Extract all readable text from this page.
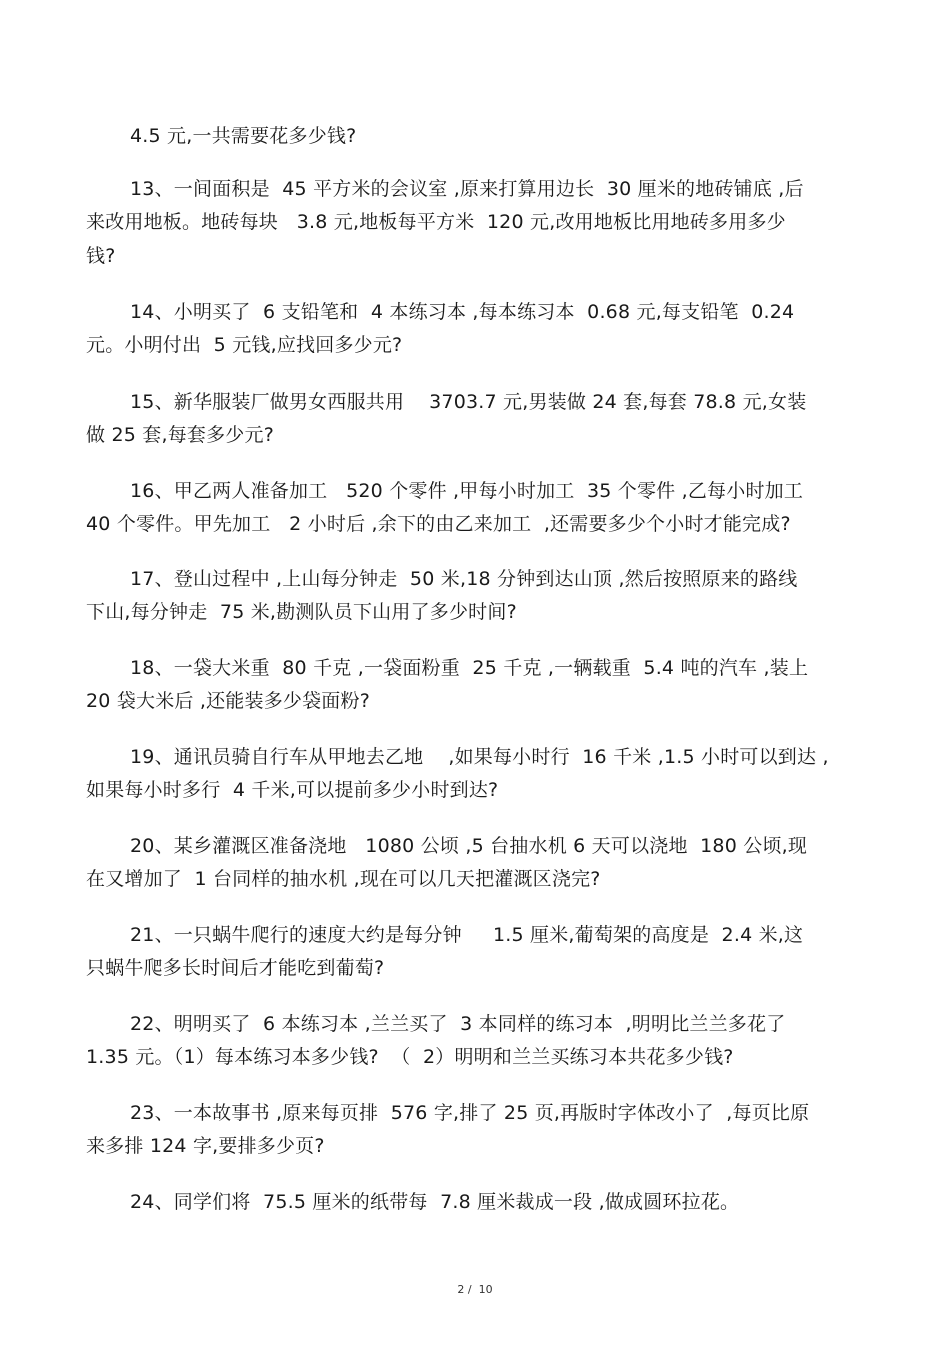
4.5 元,一共需要花多少钱?
13、一间面积是  45 平方米的会议室 ,原来打算用边长  30 厘米的地砖铺底 ,后
来改用地板。地砖每块   3.8 元,地板每平方米  120 元,改用地板比用地砖多用多少
钱?
14、小明买了  6 支铅笔和  4 本练习本 ,每本练习本  0.68 元,每支铅笔  0.24
元。小明付出  5 元钱,应找回多少元?
15、新华服装厂做男女西服共用    3703.7 元,男装做 24 套,每套 78.8 元,女装
做 25 套,每套多少元?
16、甲乙两人准备加工   520 个零件 ,甲每小时加工  35 个零件 ,乙每小时加工
40 个零件。甲先加工   2 小时后 ,余下的由乙来加工  ,还需要多少个小时才能完成?
17、登山过程中 ,上山每分钟走  50 米,18 分钟到达山顶 ,然后按照原来的路线
下山,每分钟走  75 米,勘测队员下山用了多少时间?
18、一袋大米重  80 千克 ,一袋面粉重  25 千克 ,一辆载重  5.4 吨的汽车 ,装上
20 袋大米后 ,还能装多少袋面粉?
19、通讯员骑自行车从甲地去乙地    ,如果每小时行  16 千米 ,1.5 小时可以到达 ,
如果每小时多行  4 千米,可以提前多少小时到达?
20、某乡灌溉区准备浇地   1080 公顷 ,5 台抽水机 6 天可以浇地  180 公顷,现
在又增加了  1 台同样的抽水机 ,现在可以几天把灌溉区浇完?
21、一只蜗牛爬行的速度大约是每分钟     1.5 厘米,葡萄架的高度是  2.4 米,这
只蜗牛爬多长时间后才能吃到葡萄?
22、明明买了  6 本练习本 ,兰兰买了  3 本同样的练习本  ,明明比兰兰多花了
1.35 元。（1）每本练习本多少钱?  （  2）明明和兰兰买练习本共花多少钱?
23、一本故事书 ,原来每页排  576 字,排了 25 页,再版时字体改小了  ,每页比原
来多排 124 字,要排多少页?
24、同学们将  75.5 厘米的纸带每  7.8 厘米裁成一段 ,做成圆环拉花。
2 /  10
